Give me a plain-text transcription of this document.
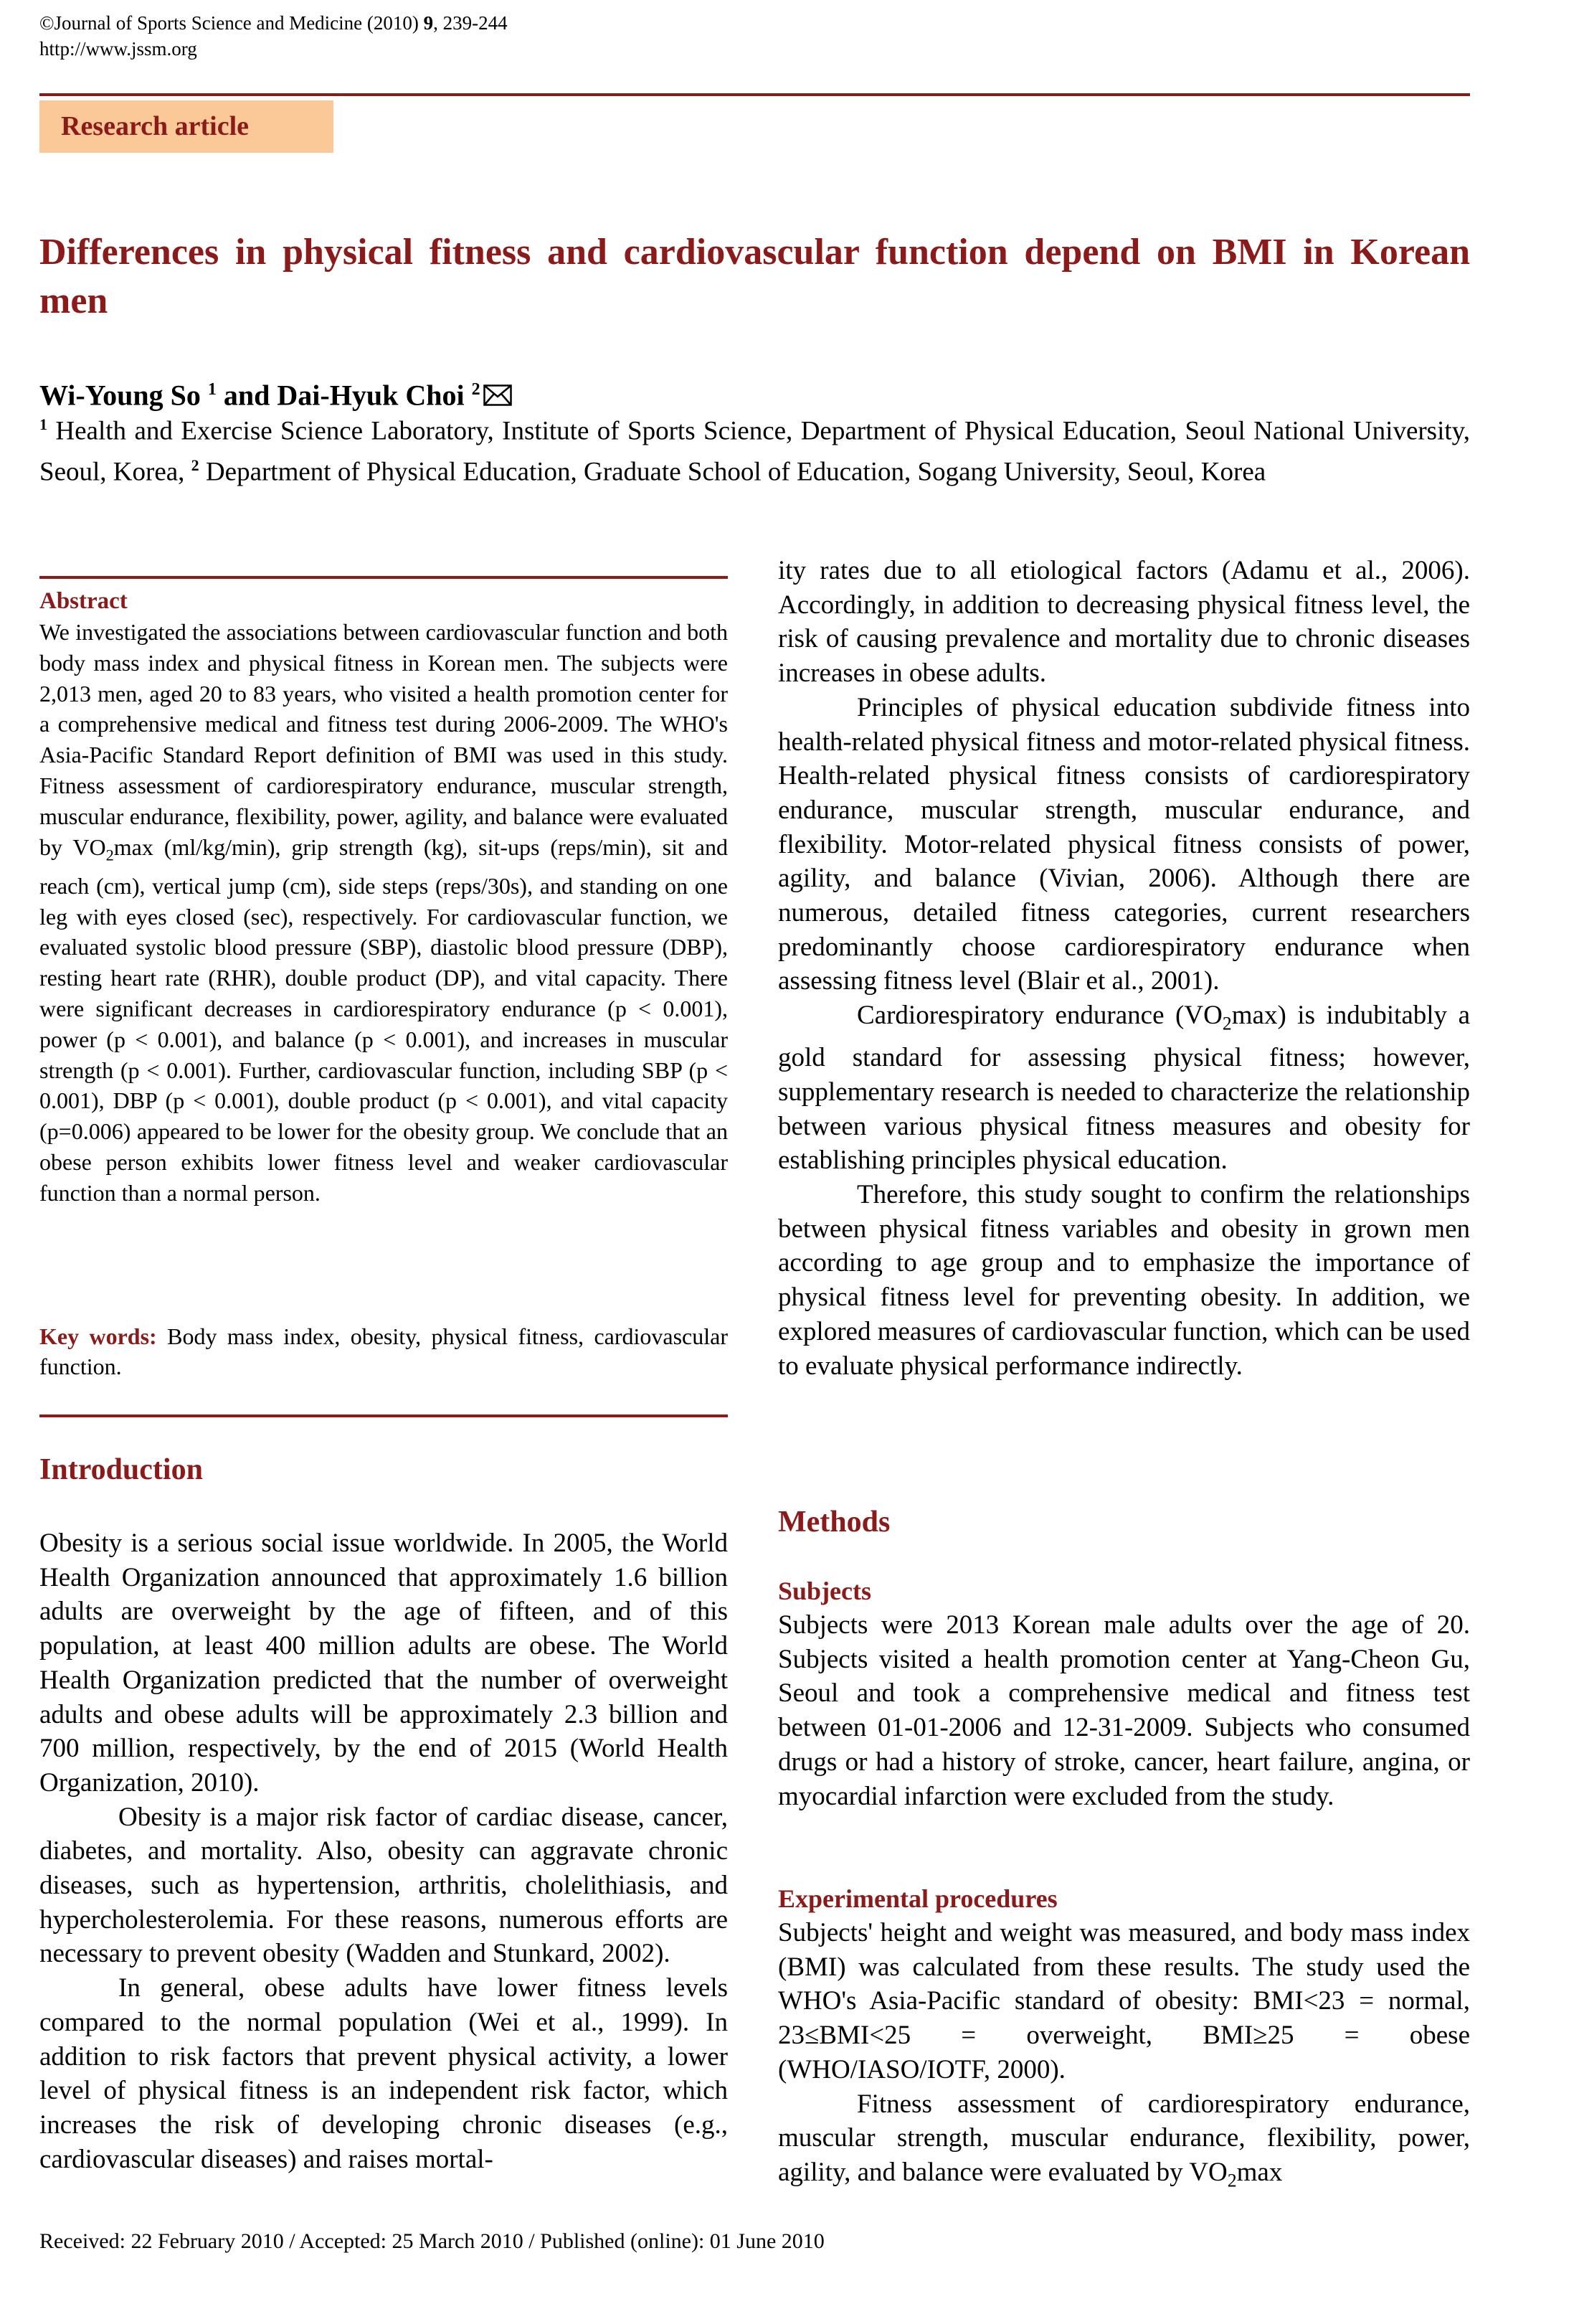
©Journal of Sports Science and Medicine (2010) 9, 239-244
http://www.jssm.org
Research article
Differences in physical fitness and cardiovascular function depend on BMI in Korean men
Wi-Young So $^1$ and Dai-Hyuk Choi $^2$
$^1$ Health and Exercise Science Laboratory, Institute of Sports Science, Department of Physical Education, Seoul National University, Seoul, Korea, $^2$ Department of Physical Education, Graduate School of Education, Sogang University, Seoul, Korea
Abstract
We investigated the associations between cardiovascular function and both body mass index and physical fitness in Korean men. The subjects were 2,013 men, aged 20 to 83 years, who visited a health promotion center for a comprehensive medical and fitness test during 2006-2009. The WHO's Asia-Pacific Standard Report definition of BMI was used in this study. Fitness assessment of cardiorespiratory endurance, muscular strength, muscular endurance, flexibility, power, agility, and balance were evaluated by $VO_2\max$ (ml/kg/min), grip strength (kg), sit-ups (reps/min), sit and reach (cm), vertical jump (cm), side steps (reps/30s), and standing on one leg with eyes closed (sec), respectively. For cardiovascular function, we evaluated systolic blood pressure (SBP), diastolic blood pressure (DBP), resting heart rate (RHR), double product (DP), and vital capacity. There were significant decreases in cardiorespiratory endurance (p < 0.001), power (p < 0.001), and balance (p < 0.001), and increases in muscular strength (p < 0.001). Further, cardiovascular function, including SBP (p < 0.001), DBP (p < 0.001), double product (p < 0.001), and vital capacity (p=0.006) appeared to be lower for the obesity group. We conclude that an obese person exhibits lower fitness level and weaker cardiovascular function than a normal person.
Key words: Body mass index, obesity, physical fitness, cardiovascular function.
Introduction

Obesity is a serious social issue worldwide. In 2005, the World Health Organization announced that approximately 1.6 billion adults are overweight by the age of fifteen, and of this population, at least 400 million adults are obese. The World Health Organization predicted that the number of overweight adults and obese adults will be approximately 2.3 billion and 700 million, respectively, by the end of 2015 (World Health Organization, 2010).

Obesity is a major risk factor of cardiac disease, cancer, diabetes, and mortality. Also, obesity can aggravate chronic diseases, such as hypertension, arthritis, cholelithiasis, and hypercholesterolemia. For these reasons, numerous efforts are necessary to prevent obesity (Wadden and Stunkard, 2002).

In general, obese adults have lower fitness levels compared to the normal population (Wei et al., 1999). In addition to risk factors that prevent physical activity, a lower level of physical fitness is an independent risk factor, which increases the risk of developing chronic diseases (e.g., cardiovascular diseases) and raises mortal-

ity rates due to all etiological factors (Adamu et al., 2006). Accordingly, in addition to decreasing physical fitness level, the risk of causing prevalence and mortality due to chronic diseases increases in obese adults.

Principles of physical education subdivide fitness into health-related physical fitness and motor-related physical fitness. Health-related physical fitness consists of cardiorespiratory endurance, muscular strength, muscular endurance, and flexibility. Motor-related physical fitness consists of power, agility, and balance (Vivian, 2006). Although there are numerous, detailed fitness categories, current researchers predominantly choose cardiorespiratory endurance when assessing fitness level (Blair et al., 2001).

Cardiorespiratory endurance $(VO_2\max)$ is indubitably a gold standard for assessing physical fitness; however, supplementary research is needed to characterize the relationship between various physical fitness measures and obesity for establishing principles physical education.

Therefore, this study sought to confirm the relationships between physical fitness variables and obesity in grown men according to age group and to emphasize the importance of physical fitness level for preventing obesity. In addition, we explored measures of cardiovascular function, which can be used to evaluate physical performance indirectly.

Methods
Subjects

Subjects were 2013 Korean male adults over the age of 20. Subjects visited a health promotion center at Yang-Cheon Gu, Seoul and took a comprehensive medical and fitness test between 01-01-2006 and 12-31-2009. Subjects who consumed drugs or had a history of stroke, cancer, heart failure, angina, or myocardial infarction were excluded from the study.

Experimental procedures

Subjects' height and weight was measured, and body mass index (BMI) was calculated from these results. The study used the WHO's Asia-Pacific standard of obesity: BMI<23 = normal, 23≤BMI<25 = overweight, BMI≥25 = obese (WHO/IASO/IOTF, 2000).

Fitness assessment of cardiorespiratory endurance, muscular strength, muscular endurance, flexibility, power, agility, and balance were evaluated by $VO_2\max$

Received: 22 February 2010 / Accepted: 25 March 2010 / Published (online): 01 June 2010
